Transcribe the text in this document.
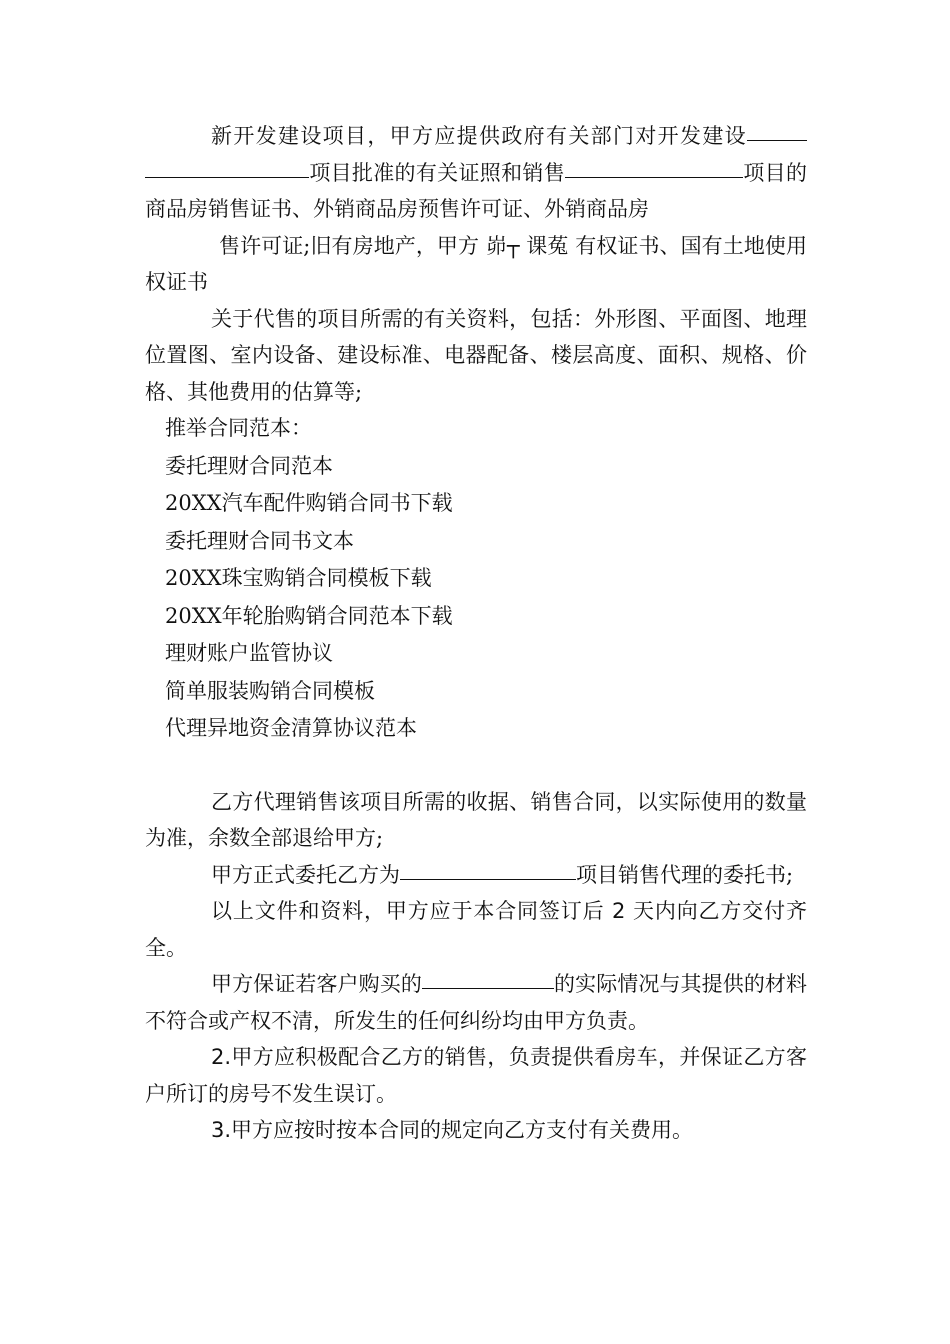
新开发建设项目，甲方应提供政府有关部门对开发建设项目批准的有关证照和销售	项目的商品房销售证书、外销商品房预售许可证、外销商品房

售许可证;旧有房地产，甲方 峁┬ 课菟 有权证书、国有土地使用权证书

关于代售的项目所需的有关资料，包括：外形图、平面图、地理位置图、室内设备、建设标准、电器配备、楼层高度、面积、规格、价格、其他费用的估算等;

推举合同范本：

委托理财合同范本

20XX汽车配件购销合同书下载

委托理财合同书文本

20XX珠宝购销合同模板下载

20XX年轮胎购销合同范本下载

理财账户监管协议

简单服装购销合同模板

代理异地资金清算协议范本

乙方代理销售该项目所需的收据、销售合同，以实际使用的数量为准，余数全部退给甲方;

甲方正式委托乙方为	项目销售代理的委托书;

以上文件和资料，甲方应于本合同签订后 2 天内向乙方交付齐全。

甲方保证若客户购买的	的实际情况与其提供的材料不符合或产权不清，所发生的任何纠纷均由甲方负责。

2.甲方应积极配合乙方的销售，负责提供看房车，并保证乙方客户所订的房号不发生误订。

3.甲方应按时按本合同的规定向乙方支付有关费用。
